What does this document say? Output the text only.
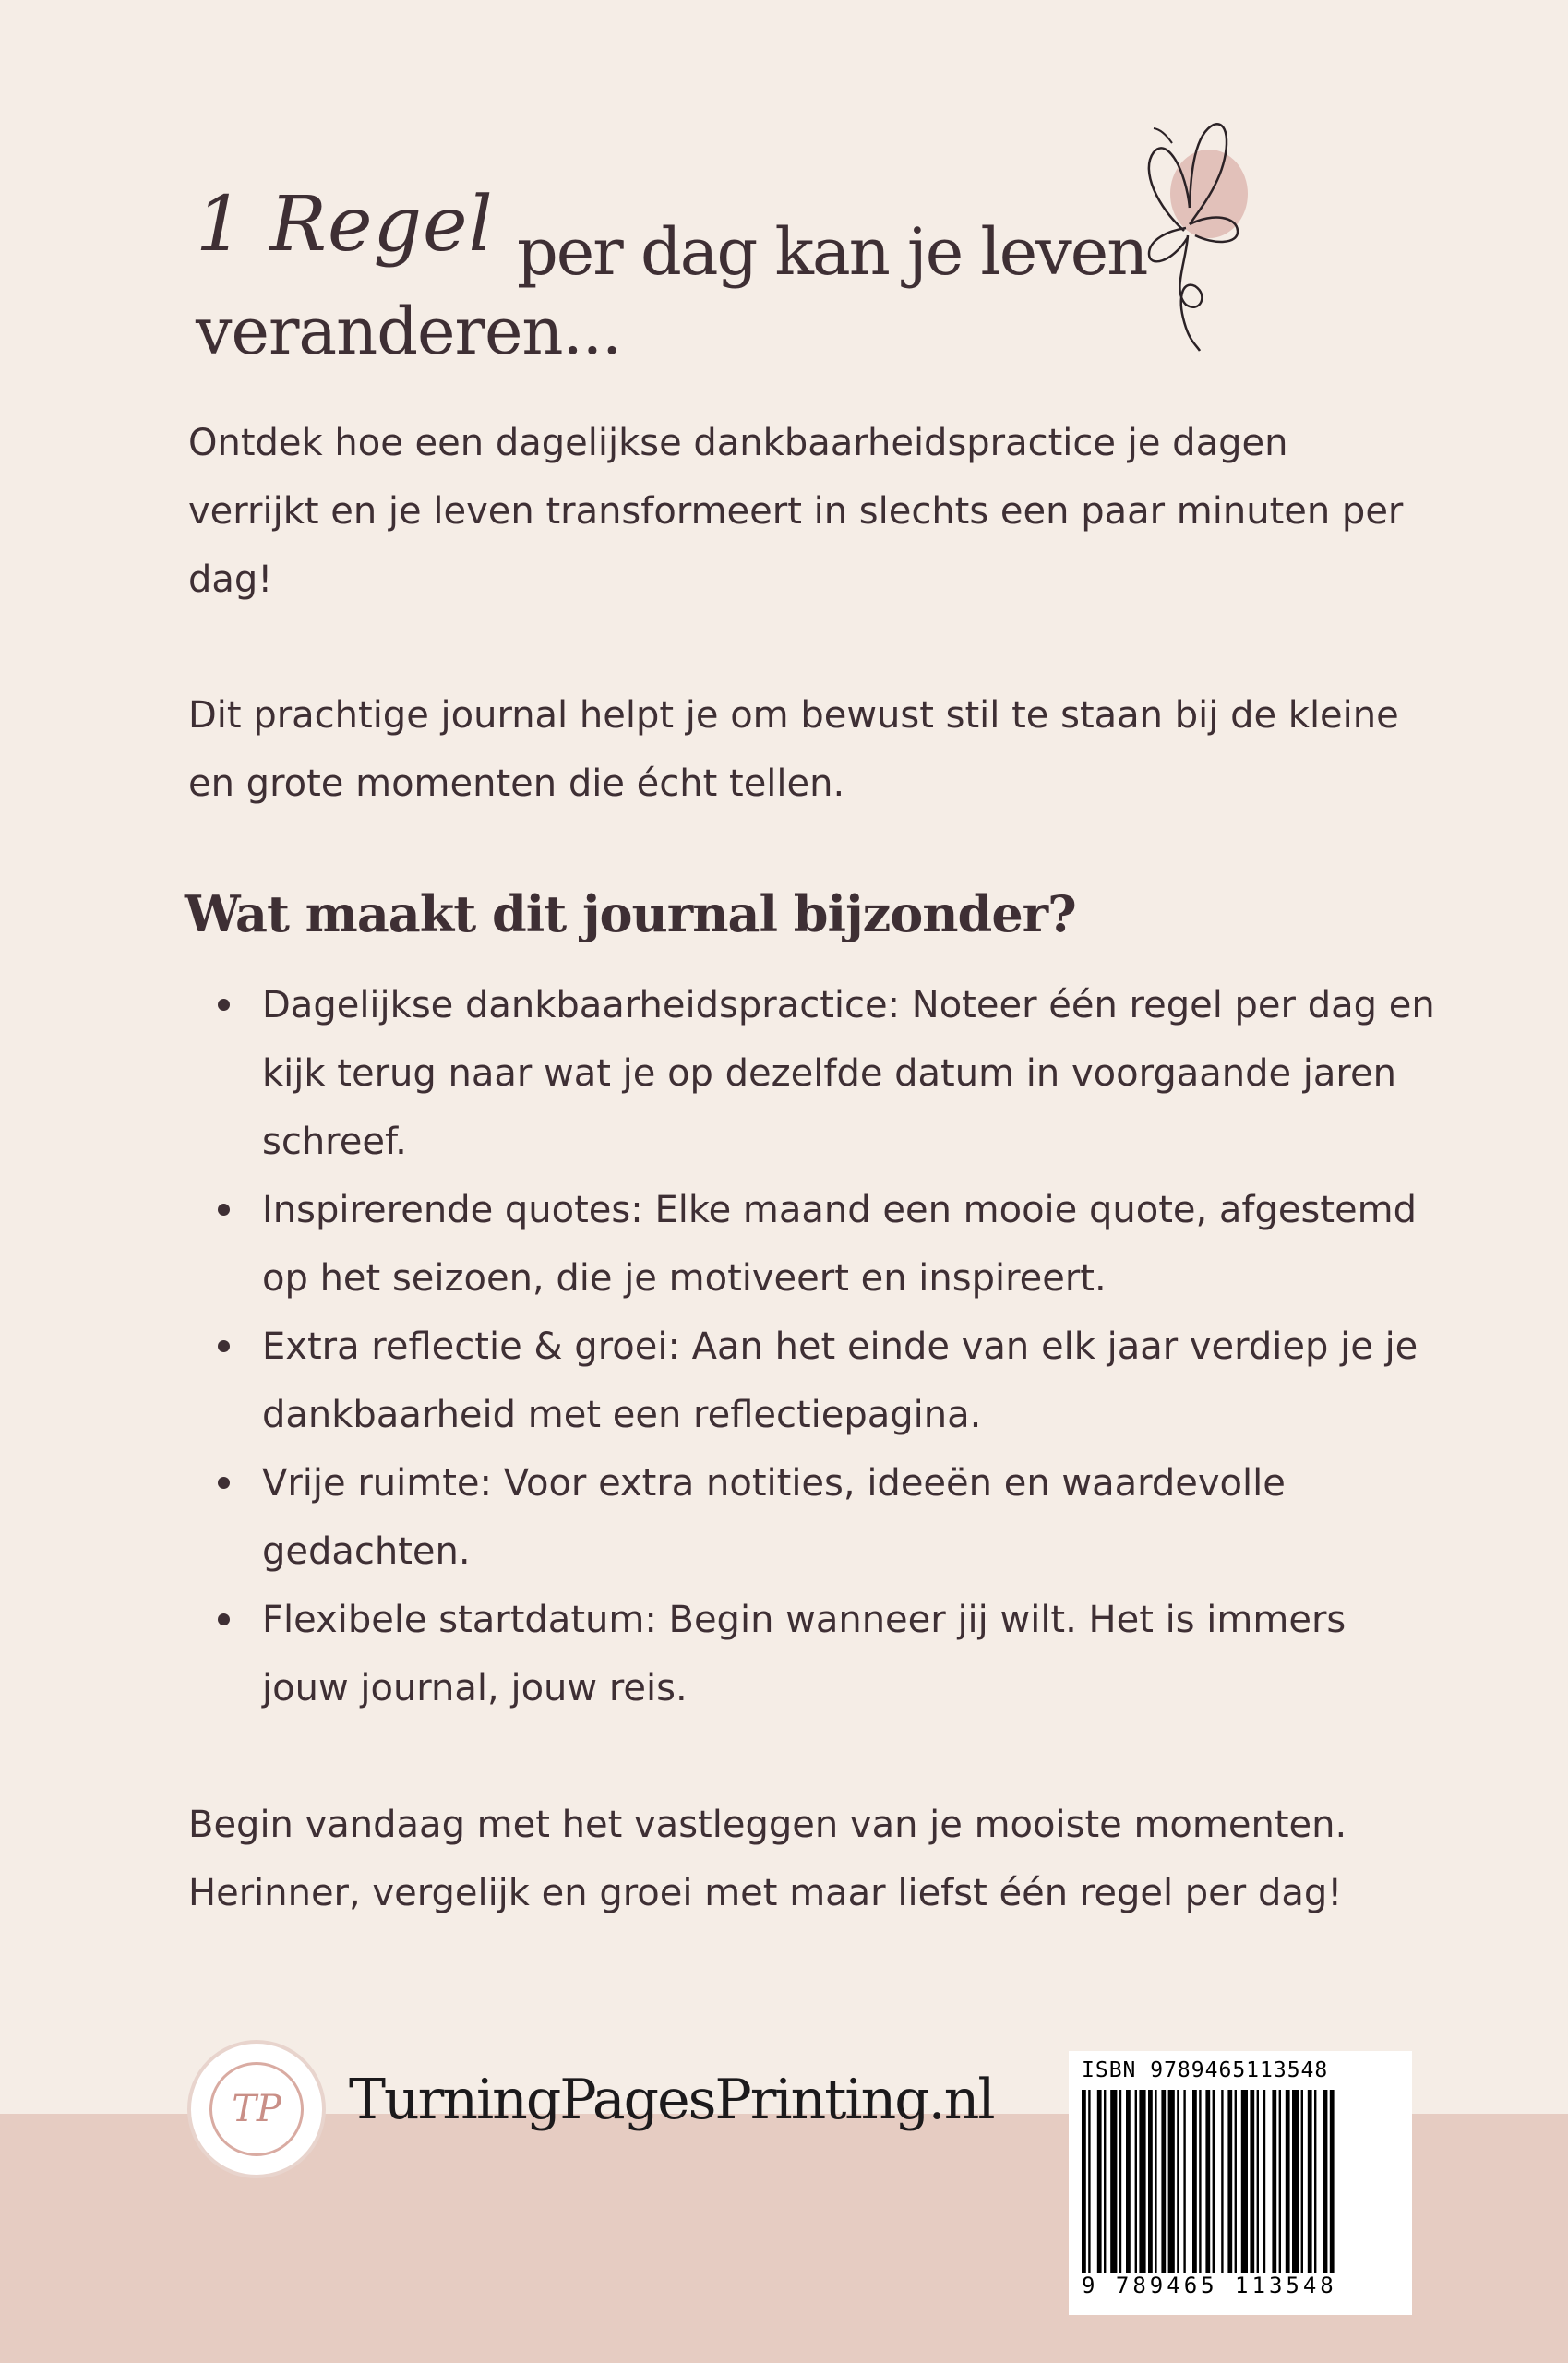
1 Regel per dag kan je leven
veranderen...

Ontdek hoe een dagelijkse dankbaarheidspractice je dagen verrijkt en je leven transformeert in slechts een paar minuten per dag!

Dit prachtige journal helpt je om bewust stil te staan bij de kleine en grote momenten die écht tellen.

Wat maakt dit journal bijzonder?
Dagelijkse dankbaarheidspractice: Noteer één regel per dag en kijk terug naar wat je op dezelfde datum in voorgaande jaren schreef.
Inspirerende quotes: Elke maand een mooie quote, afgestemd op het seizoen, die je motiveert en inspireert.
Extra reflectie & groei: Aan het einde van elk jaar verdiep je je dankbaarheid met een reflectiepagina.
Vrije ruimte: Voor extra notities, ideeën en waardevolle gedachten.
Flexibele startdatum: Begin wanneer jij wilt. Het is immers jouw journal, jouw reis.

Begin vandaag met het vastleggen van je mooiste momenten. Herinner, vergelijk en groei met maar liefst één regel per dag!

TP	TurningPagesPrinting.nl	ISBN 9789465113548
9 789465 113548
